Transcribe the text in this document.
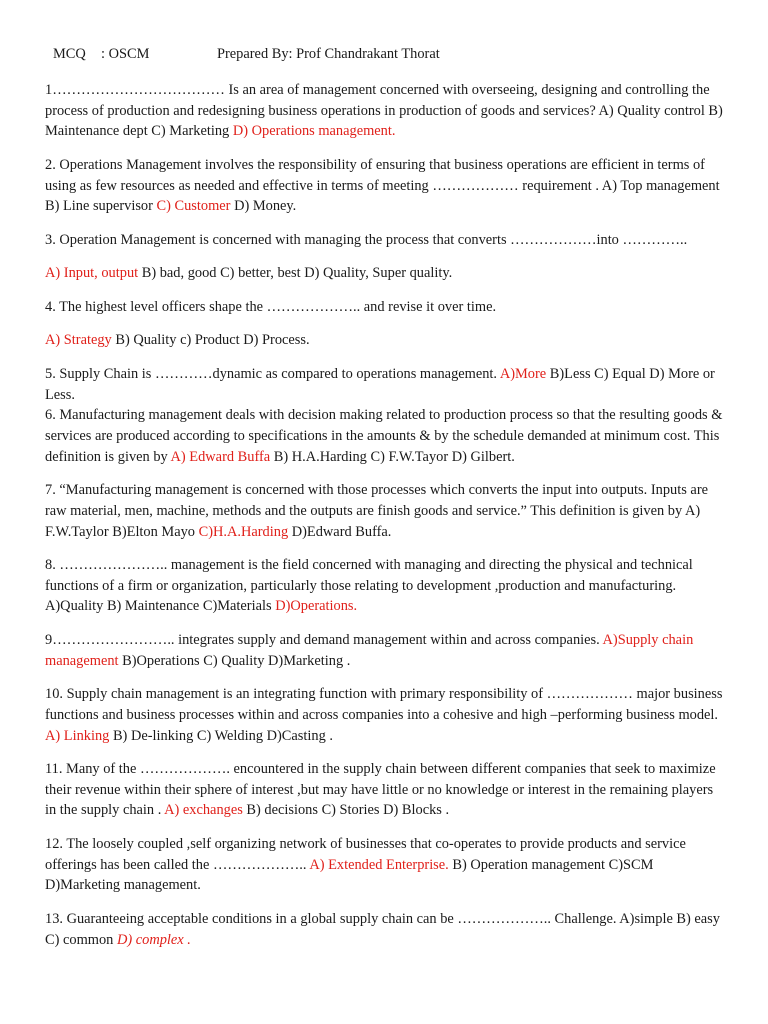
MCQ	: OSCM	Prepared By: Prof Chandrakant Thorat

1……………………………… Is an area of management concerned with overseeing, designing and controlling the process of production and redesigning business operations in production of goods and services? A) Quality control B) Maintenance dept C) Marketing D) Operations management.

2. Operations Management involves the responsibility of ensuring that business operations are efficient in terms of using as few resources as needed and effective in terms of meeting ……………… requirement . A) Top management B) Line supervisor C) Customer D) Money.

3. Operation Management is concerned with managing the process that converts ………………into …………..

A) Input, output B) bad, good C) better, best D) Quality, Super quality.

4. The highest level officers shape the ……………….. and revise it over time.

A) Strategy B) Quality c) Product D) Process.

5. Supply Chain is …………dynamic as compared to operations management. A)More B)Less C) Equal D) More or Less.

6. Manufacturing management deals with decision making related to production process so that the resulting goods & services are produced according to specifications in the amounts & by the schedule demanded at minimum cost. This definition is given by A) Edward Buffa B) H.A.Harding C) F.W.Tayor D) Gilbert.

7. “Manufacturing management is concerned with those processes which converts the input into outputs. Inputs are raw material, men, machine, methods and the outputs are finish goods and service.” This definition is given by A) F.W.Taylor B)Elton Mayo C)H.A.Harding D)Edward Buffa.

8. ………………….. management is the field concerned with managing and directing the physical and technical functions of a firm or organization, particularly those relating to development ,production and manufacturing. A)Quality B) Maintenance C)Materials D)Operations.

9…………………….. integrates supply and demand management within and across companies. A)Supply chain management B)Operations C) Quality D)Marketing .

10. Supply chain management is an integrating function with primary responsibility of ……………… major business functions and business processes within and across companies into a cohesive and high –performing business model. A) Linking B) De-linking C) Welding D)Casting .

11. Many of the ………………. encountered in the supply chain between different companies that seek to maximize their revenue within their sphere of interest ,but may have little or no knowledge or interest in the remaining players in the supply chain . A) exchanges B) decisions C) Stories D) Blocks .

12. The loosely coupled ,self organizing network of businesses that co-operates to provide products and service offerings has been called the ……………….. A) Extended Enterprise. B) Operation management C)SCM D)Marketing management.

13. Guaranteeing acceptable conditions in a global supply chain can be ……………….. Challenge. A)simple B) easy C) common D) complex .
